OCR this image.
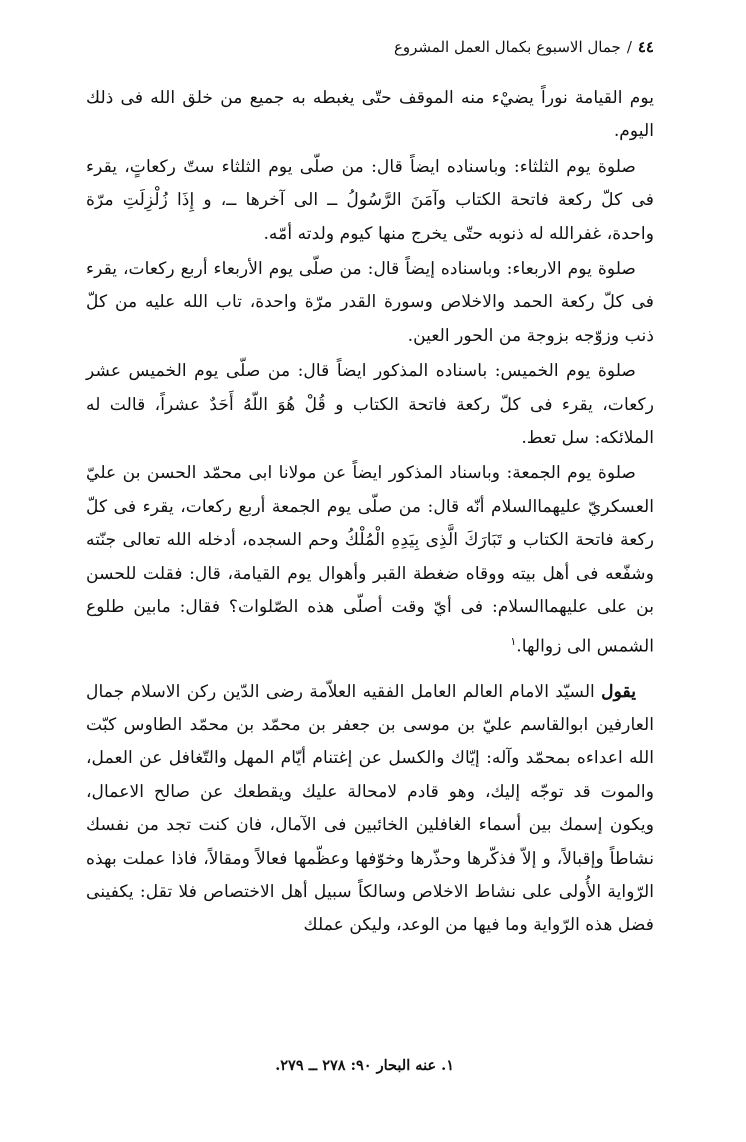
٤٤/جمال الاسبوع بكمال العمل المشروع

يوم القيامة نوراً يضيْء منه الموقف حتّى يغبطه به جميع من خلق الله فى ذلك اليوم.

صلوة يوم الثلثاء: وباسناده ايضاً قال: من صلّى يوم الثلثاء ستّ ركعاتٍ، يقرء فى كلّ ركعة فاتحة الكتاب وآمَنَ الرَّسُولُ ــ الى آخرها ــ، و إِذَا زُلْزِلَتِ مرّة واحدة، غفرالله له ذنوبه حتّى يخرج منها كيوم ولدته أمّه.

صلوة يوم الاربعاء: وباسناده إيضاً قال: من صلّى يوم الأربعاء أربع ركعات، يقرء فى كلّ ركعة الحمد والاخلاص وسورة القدر مرّة واحدة، تاب الله عليه من كلّ ذنب وزوّجه بزوجة من الحور العين.

صلوة يوم الخميس: باسناده المذكور ايضاً قال: من صلّى يوم الخميس عشر ركعات، يقرء فى كلّ ركعة فاتحة الكتاب و قُلْ هُوَ اللّهُ أَحَدٌ عشراً، قالت له الملائكه: سل تعط.

صلوة يوم الجمعة: وباسناد المذكور ايضاً عن مولانا ابى محمّد الحسن بن عليّ العسكريّ عليهماالسلام أنّه قال: من صلّى يوم الجمعة أربع ركعات، يقرء فى كلّ ركعة فاتحة الكتاب و تَبَارَكَ الَّذِى بِيَدِهِ الْمُلْكُ وحم السجده، أدخله الله تعالى جنّته وشفّعه فى أهل بيته ووقاه ضغطة القبر وأهوال يوم القيامة، قال: فقلت للحسن بن على عليهماالسلام: فى أيّ وقت أصلّى هذه الصّلوات؟ فقال: مابين طلوع الشمس الى زوالها.$^١$

يقول السيّد الامام العالم العامل الفقيه العلاّمة رضى الدّين ركن الاسلام جمال العارفين ابوالقاسم عليّ بن موسى بن جعفر بن محمّد بن محمّد الطاوس كبّت الله اعداءه بمحمّد وآله: إيّاك والكسل عن إغتنام أيّام المهل والتّغافل عن العمل، والموت قد توجّه إليك، وهو قادم لامحالة عليك ويقطعك عن صالح الاعمال، ويكون إسمك بين أسماء الغافلين الخائبين فى الآمال، فان كنت تجد من نفسك نشاطاً وإقبالاً، و إلاّ فذكّرها وحذّرها وخوّفها وعظّمها فعالاً ومقالاً، فاذا عملت بهذه الرّواية الأُولى على نشاط الاخلاص وسالكاً سبيل أهل الاختصاص فلا تقل: يكفينى فضل هذه الرّواية وما فيها من الوعد، وليكن عملك

١. عنه البحار ٩٠: ٢٧٨ ــ ٢٧٩.
